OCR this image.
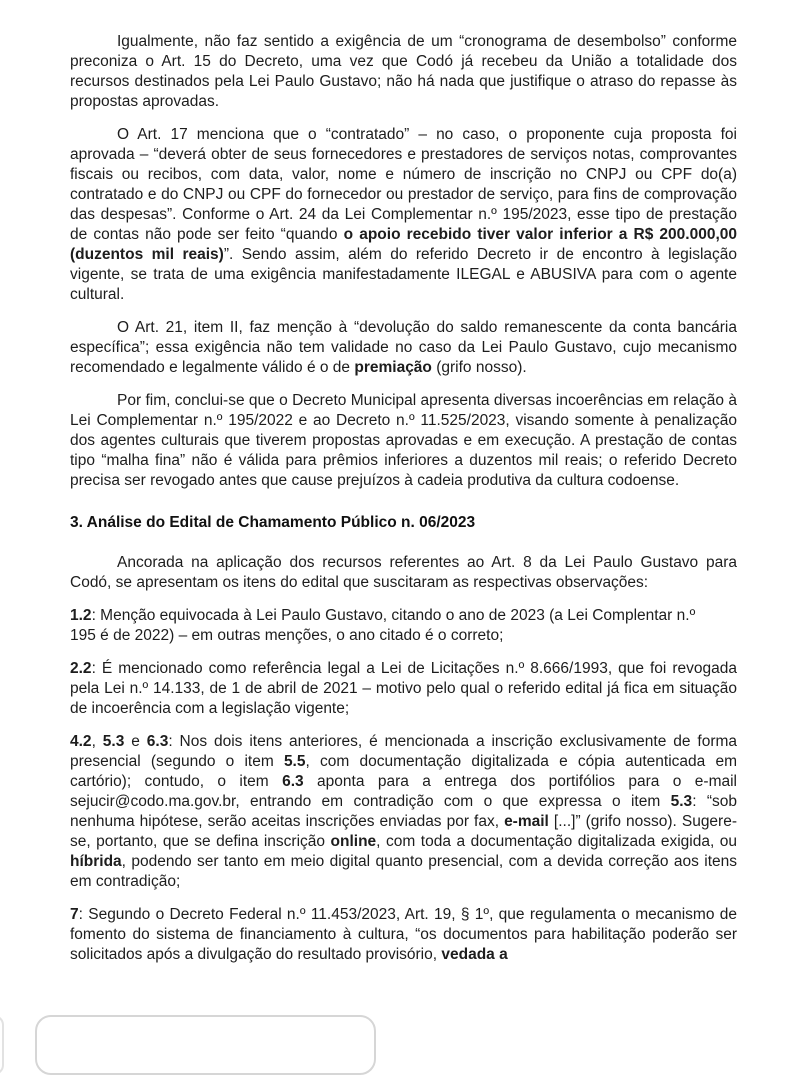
Igualmente, não faz sentido a exigência de um “cronograma de desembolso” conforme preconiza o Art. 15 do Decreto, uma vez que Codó já recebeu da União a totalidade dos recursos destinados pela Lei Paulo Gustavo; não há nada que justifique o atraso do repasse às propostas aprovadas.

O Art. 17 menciona que o “contratado” – no caso, o proponente cuja proposta foi aprovada – “deverá obter de seus fornecedores e prestadores de serviços notas, comprovantes fiscais ou recibos, com data, valor, nome e número de inscrição no CNPJ ou CPF do(a) contratado e do CNPJ ou CPF do fornecedor ou prestador de serviço, para fins de comprovação das despesas”. Conforme o Art. 24 da Lei Complementar n.º 195/2023, esse tipo de prestação de contas não pode ser feito “quando o apoio recebido tiver valor inferior a R$ 200.000,00 (duzentos mil reais)”. Sendo assim, além do referido Decreto ir de encontro à legislação vigente, se trata de uma exigência manifestadamente ILEGAL e ABUSIVA para com o agente cultural.

O Art. 21, item II, faz menção à “devolução do saldo remanescente da conta bancária específica”; essa exigência não tem validade no caso da Lei Paulo Gustavo, cujo mecanismo recomendado e legalmente válido é o de premiação (grifo nosso).

Por fim, conclui-se que o Decreto Municipal apresenta diversas incoerências em relação à Lei Complementar n.º 195/2022 e ao Decreto n.º 11.525/2023, visando somente à penalização dos agentes culturais que tiverem propostas aprovadas e em execução. A prestação de contas tipo “malha fina” não é válida para prêmios inferiores a duzentos mil reais; o referido Decreto precisa ser revogado antes que cause prejuízos à cadeia produtiva da cultura codoense.

3. Análise do Edital de Chamamento Público n. 06/2023

Ancorada na aplicação dos recursos referentes ao Art. 8 da Lei Paulo Gustavo para Codó, se apresentam os itens do edital que suscitaram as respectivas observações:

1.2: Menção equivocada à Lei Paulo Gustavo, citando o ano de 2023 (a Lei Complentar n.º
195 é de 2022) – em outras menções, o ano citado é o correto;

2.2: É mencionado como referência legal a Lei de Licitações n.º 8.666/1993, que foi revogada pela Lei n.º 14.133, de 1 de abril de 2021 – motivo pelo qual o referido edital já fica em situação de incoerência com a legislação vigente;

4.2, 5.3 e 6.3: Nos dois itens anteriores, é mencionada a inscrição exclusivamente de forma presencial (segundo o item 5.5, com documentação digitalizada e cópia autenticada em cartório); contudo, o item 6.3 aponta para a entrega dos portifólios para o e-mail sejucir@codo.ma.gov.br, entrando em contradição com o que expressa o item 5.3: “sob nenhuma hipótese, serão aceitas inscrições enviadas por fax, e-mail [...]” (grifo nosso). Sugere-se, portanto, que se defina inscrição online, com toda a documentação digitalizada exigida, ou híbrida, podendo ser tanto em meio digital quanto presencial, com a devida correção aos itens em contradição;

7: Segundo o Decreto Federal n.º 11.453/2023, Art. 19, § 1º, que regulamenta o mecanismo de fomento do sistema de financiamento à cultura, “os documentos para habilitação poderão ser solicitados após a divulgação do resultado provisório, vedada a
